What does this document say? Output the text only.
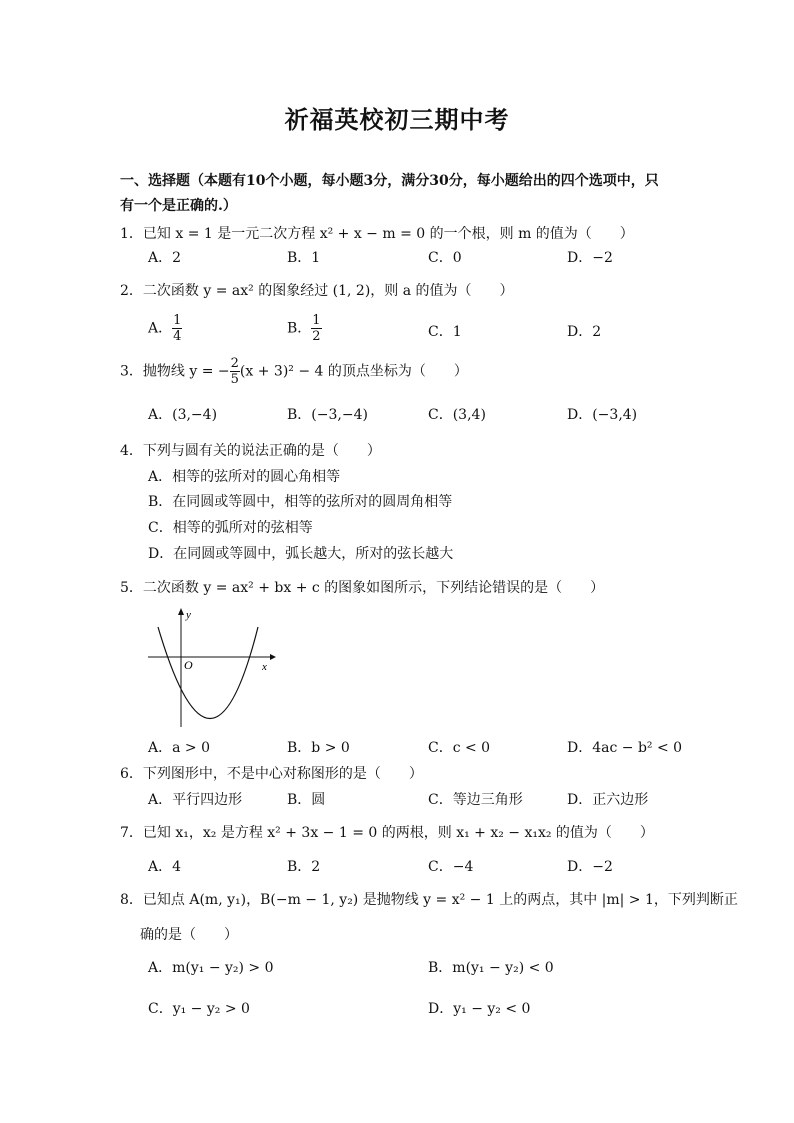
祈福英校初三期中考
一、选择题（本题有10个小题，每小题3分，满分30分，每小题给出的四个选项中，只
有一个是正确的.）
1．已知 x = 1 是一元二次方程 x² + x − m = 0 的一个根，则 m 的值为（　　）
A．2	B．1	C．0	D．−2
2．二次函数 y = ax² 的图象经过 (1, 2)，则 a 的值为（　　）
A． $\frac{1}{4}$	B． $\frac{1}{2}$	C．1	D．2
3．抛物线 y = − $\frac{2}{5} (x + 3)^2 - 4$ 的顶点坐标为（　　）
A．(3,−4)	B．(−3,−4)	C．(3,4)	D．(−3,4)
4．下列与圆有关的说法正确的是（　　）
A．相等的弦所对的圆心角相等
B．在同圆或等圆中，相等的弦所对的圆周角相等
C．相等的弧所对的弦相等
D．在同圆或等圆中，弧长越大，所对的弦长越大
5．二次函数 y = ax² + bx + c 的图象如图所示，下列结论错误的是（　　）
y
x
O
A．a > 0	B．b > 0	C．c < 0	D．4ac − b² < 0
6．下列图形中，不是中心对称图形的是（　　）
A．平行四边形	B．圆	C．等边三角形	D．正六边形
7．已知 x₁，x₂ 是方程 x² + 3x − 1 = 0 的两根，则 x₁ + x₂ − x₁x₂ 的值为（　　）
A．4	B．2	C．−4	D．−2
8．已知点 A(m, y₁)，B(−m − 1, y₂) 是抛物线 y = x² − 1 上的两点，其中 |m| > 1，下列判断正
确的是（　　）
A．m(y₁ − y₂) > 0	B．m(y₁ − y₂) < 0
C．y₁ − y₂ > 0	D．y₁ − y₂ < 0
